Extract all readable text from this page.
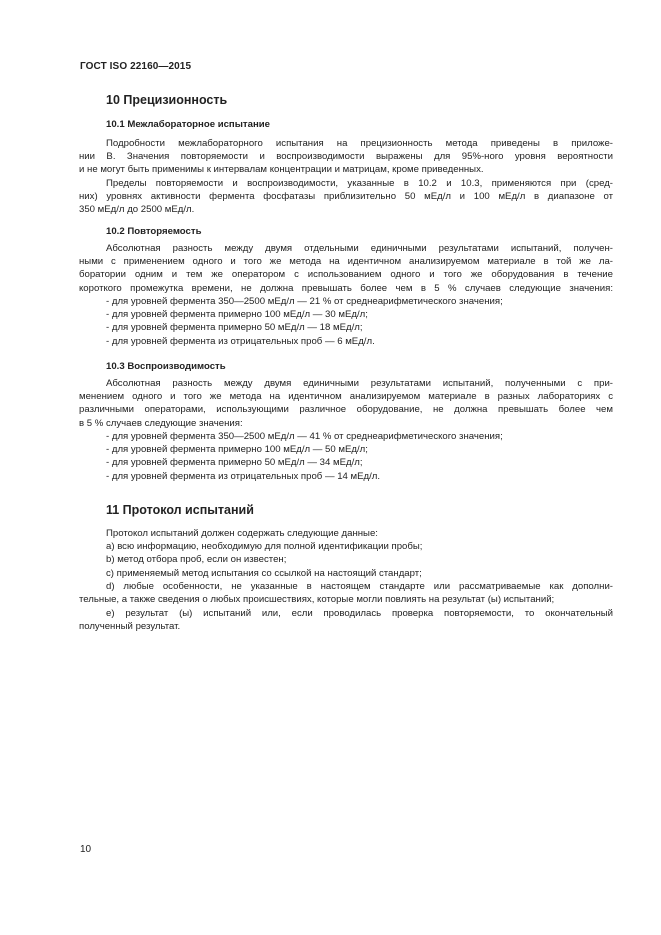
ГОСТ ISO 22160—2015
10 Прецизионность
10.1 Межлабораторное испытание
Подробности межлабораторного испытания на прецизионность метода приведены в приложе-
нии В. Значения повторяемости и воспроизводимости выражены для 95%-ного уровня вероятности
и не могут быть применимы к интервалам концентрации и матрицам, кроме приведенных.
Пределы повторяемости и воспроизводимости, указанные в 10.2 и 10.3, применяются при (сред-
них) уровнях активности фермента фосфатазы приблизительно 50 мЕд/л и 100 мЕд/л в диапазоне от
350 мЕд/л до 2500 мЕд/л.
10.2 Повторяемость
Абсолютная разность между двумя отдельными единичными результатами испытаний, получен-
ными с применением одного и того же метода на идентичном анализируемом материале в той же ла-
боратории одним и тем же оператором с использованием одного и того же оборудования в течение
короткого промежутка времени, не должна превышать более чем в 5 % случаев следующие значения:
- для уровней фермента 350—2500 мЕд/л — 21 % от среднеарифметического значения;
- для уровней фермента примерно 100 мЕд/л — 30 мЕд/л;
- для уровней фермента примерно 50 мЕд/л — 18 мЕд/л;
- для уровней фермента из отрицательных проб — 6 мЕд/л.
10.3 Воспроизводимость
Абсолютная разность между двумя единичными результатами испытаний, полученными с при-
менением одного и того же метода на идентичном анализируемом материале в разных лабораториях с
различными операторами, использующими различное оборудование, не должна превышать более чем
в 5 % случаев следующие значения:
- для уровней фермента 350—2500 мЕд/л — 41 % от среднеарифметического значения;
- для уровней фермента примерно 100 мЕд/л — 50 мЕд/л;
- для уровней фермента примерно 50 мЕд/л — 34 мЕд/л;
- для уровней фермента из отрицательных проб — 14 мЕд/л.
11 Протокол испытаний
Протокол испытаний должен содержать следующие данные:
а) всю информацию, необходимую для полной идентификации пробы;
b) метод отбора проб, если он известен;
с) применяемый метод испытания со ссылкой на настоящий стандарт;
d) любые особенности, не указанные в настоящем стандарте или рассматриваемые как дополни-
тельные, а также сведения о любых происшествиях, которые могли повлиять на результат (ы) испытаний;
е) результат (ы) испытаний или, если проводилась проверка повторяемости, то окончательный
полученный результат.
10
